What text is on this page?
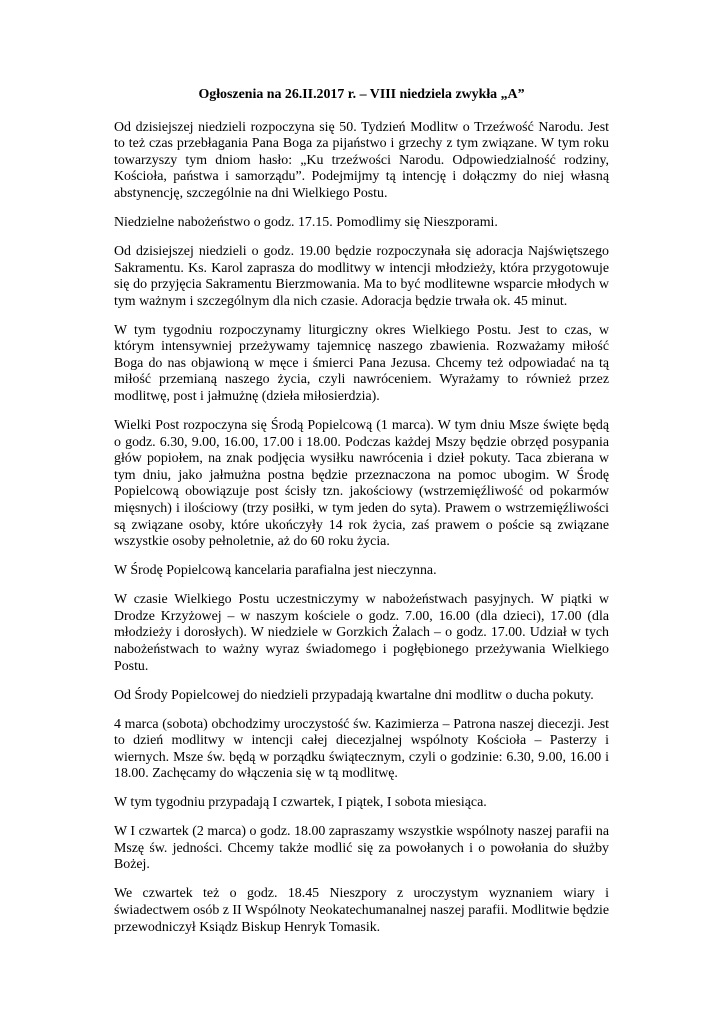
Ogłoszenia na 26.II.2017 r. – VIII niedziela zwykła „A”

Od dzisiejszej niedzieli rozpoczyna się 50. Tydzień Modlitw o Trzeźwość Narodu. Jest to też czas przebłagania Pana Boga za pijaństwo i grzechy z tym związane. W tym roku towarzyszy tym dniom hasło: „Ku trzeźwości Narodu. Odpowiedzialność rodziny, Kościoła, państwa i samorządu”. Podejmijmy tą intencję i dołączmy do niej własną abstynencję, szczególnie na dni Wielkiego Postu.

Niedzielne nabożeństwo o godz. 17.15. Pomodlimy się Nieszporami.

Od dzisiejszej niedzieli o godz. 19.00 będzie rozpoczynała się adoracja Najświętszego Sakramentu. Ks. Karol zaprasza do modlitwy w intencji młodzieży, która przygotowuje się do przyjęcia Sakramentu Bierzmowania. Ma to być modlitewne wsparcie młodych w tym ważnym i szczególnym dla nich czasie. Adoracja będzie trwała ok. 45 minut.

W tym tygodniu rozpoczynamy liturgiczny okres Wielkiego Postu. Jest to czas, w którym intensywniej przeżywamy tajemnicę naszego zbawienia. Rozważamy miłość Boga do nas objawioną w męce i śmierci Pana Jezusa. Chcemy też odpowiadać na tą miłość przemianą naszego życia, czyli nawróceniem. Wyrażamy to również przez modlitwę, post i jałmużnę (dzieła miłosierdzia).

Wielki Post rozpoczyna się Środą Popielcową (1 marca). W tym dniu Msze święte będą o godz. 6.30, 9.00, 16.00, 17.00 i 18.00. Podczas każdej Mszy będzie obrzęd posypania głów popiołem, na znak podjęcia wysiłku nawrócenia i dzieł pokuty. Taca zbierana w tym dniu, jako jałmużna postna będzie przeznaczona na pomoc ubogim. W Środę Popielcową obowiązuje post ścisły tzn. jakościowy (wstrzemięźliwość od pokarmów mięsnych) i ilościowy (trzy posiłki, w tym jeden do syta). Prawem o wstrzemięźliwości są związane osoby, które ukończyły 14 rok życia, zaś prawem o poście są związane wszystkie osoby pełnoletnie, aż do 60 roku życia.

W Środę Popielcową kancelaria parafialna jest nieczynna.

W czasie Wielkiego Postu uczestniczymy w nabożeństwach pasyjnych. W piątki w Drodze Krzyżowej – w naszym kościele o godz. 7.00, 16.00 (dla dzieci), 17.00 (dla młodzieży i dorosłych). W niedziele w Gorzkich Żalach – o godz. 17.00. Udział w tych nabożeństwach to ważny wyraz świadomego i pogłębionego przeżywania Wielkiego Postu.

Od Środy Popielcowej do niedzieli przypadają kwartalne dni modlitw o ducha pokuty.

4 marca (sobota) obchodzimy uroczystość św. Kazimierza – Patrona naszej diecezji. Jest to dzień modlitwy w intencji całej diecezjalnej wspólnoty Kościoła – Pasterzy i wiernych. Msze św. będą w porządku świątecznym, czyli o godzinie: 6.30, 9.00, 16.00 i 18.00. Zachęcamy do włączenia się w tą modlitwę.

W tym tygodniu przypadają I czwartek, I piątek, I sobota miesiąca.

W I czwartek (2 marca) o godz. 18.00 zapraszamy wszystkie wspólnoty naszej parafii na Mszę św. jedności. Chcemy także modlić się za powołanych i o powołania do służby Bożej.

We czwartek też o godz. 18.45 Nieszpory z uroczystym wyznaniem wiary i świadectwem osób z II Wspólnoty Neokatechumanalnej naszej parafii. Modlitwie będzie przewodniczył Ksiądz Biskup Henryk Tomasik.
